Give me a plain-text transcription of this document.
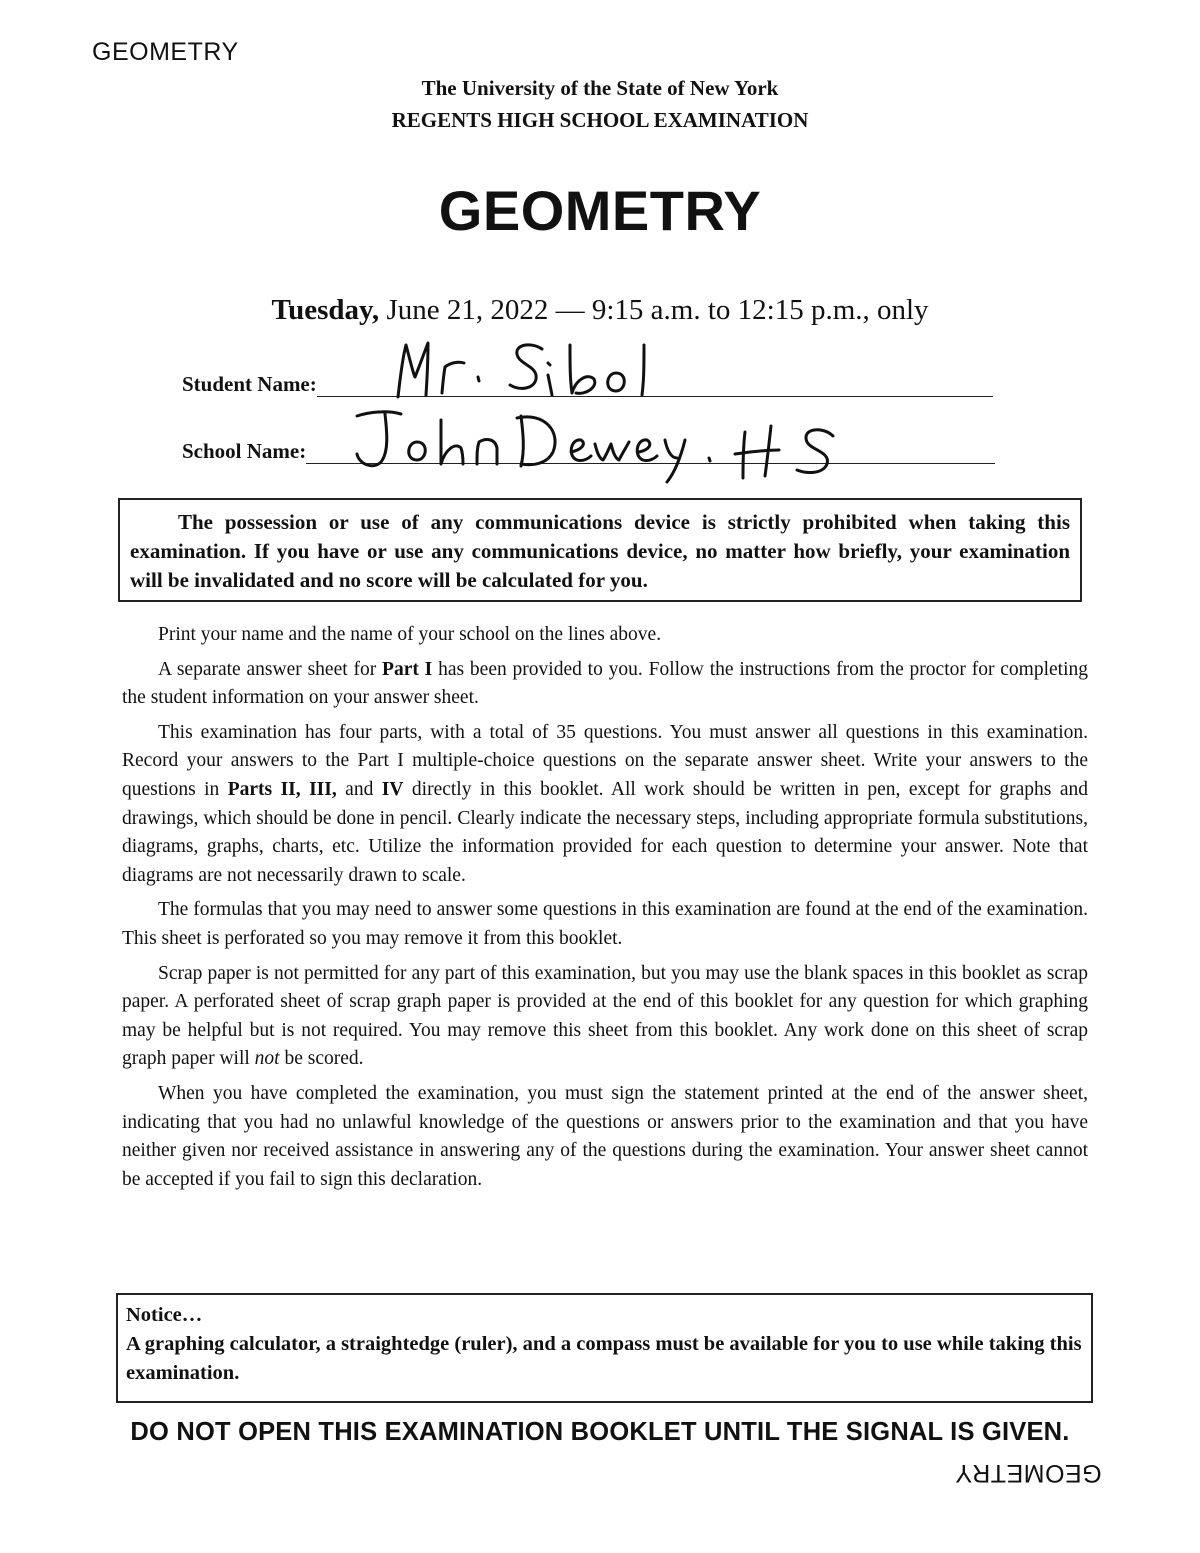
GEOMETRY
The University of the State of New York
REGENTS HIGH SCHOOL EXAMINATION
GEOMETRY
Tuesday, June 21, 2022 — 9:15 a.m. to 12:15 p.m., only
Student Name:
School Name:

The possession or use of any communications device is strictly prohibited when taking this examination. If you have or use any communications device, no matter how briefly, your examination will be invalidated and no score will be calculated for you.

Print your name and the name of your school on the lines above.

A separate answer sheet for Part I has been provided to you. Follow the instructions from the proctor for completing the student information on your answer sheet.

This examination has four parts, with a total of 35 questions. You must answer all questions in this examination. Record your answers to the Part I multiple-choice questions on the separate answer sheet. Write your answers to the questions in Parts II, III, and IV directly in this booklet. All work should be written in pen, except for graphs and drawings, which should be done in pencil. Clearly indicate the necessary steps, including appropriate formula substitutions, diagrams, graphs, charts, etc. Utilize the information provided for each question to determine your answer. Note that diagrams are not necessarily drawn to scale.

The formulas that you may need to answer some questions in this examination are found at the end of the examination. This sheet is perforated so you may remove it from this booklet.

Scrap paper is not permitted for any part of this examination, but you may use the blank spaces in this booklet as scrap paper. A perforated sheet of scrap graph paper is provided at the end of this booklet for any question for which graphing may be helpful but is not required. You may remove this sheet from this booklet. Any work done on this sheet of scrap graph paper will not be scored.

When you have completed the examination, you must sign the statement printed at the end of the answer sheet, indicating that you had no unlawful knowledge of the questions or answers prior to the examination and that you have neither given nor received assistance in answering any of the questions during the examination. Your answer sheet cannot be accepted if you fail to sign this declaration.

Notice…

A graphing calculator, a straightedge (ruler), and a compass must be available for you to use while taking this examination.

DO NOT OPEN THIS EXAMINATION BOOKLET UNTIL THE SIGNAL IS GIVEN.
GEOMETRY
